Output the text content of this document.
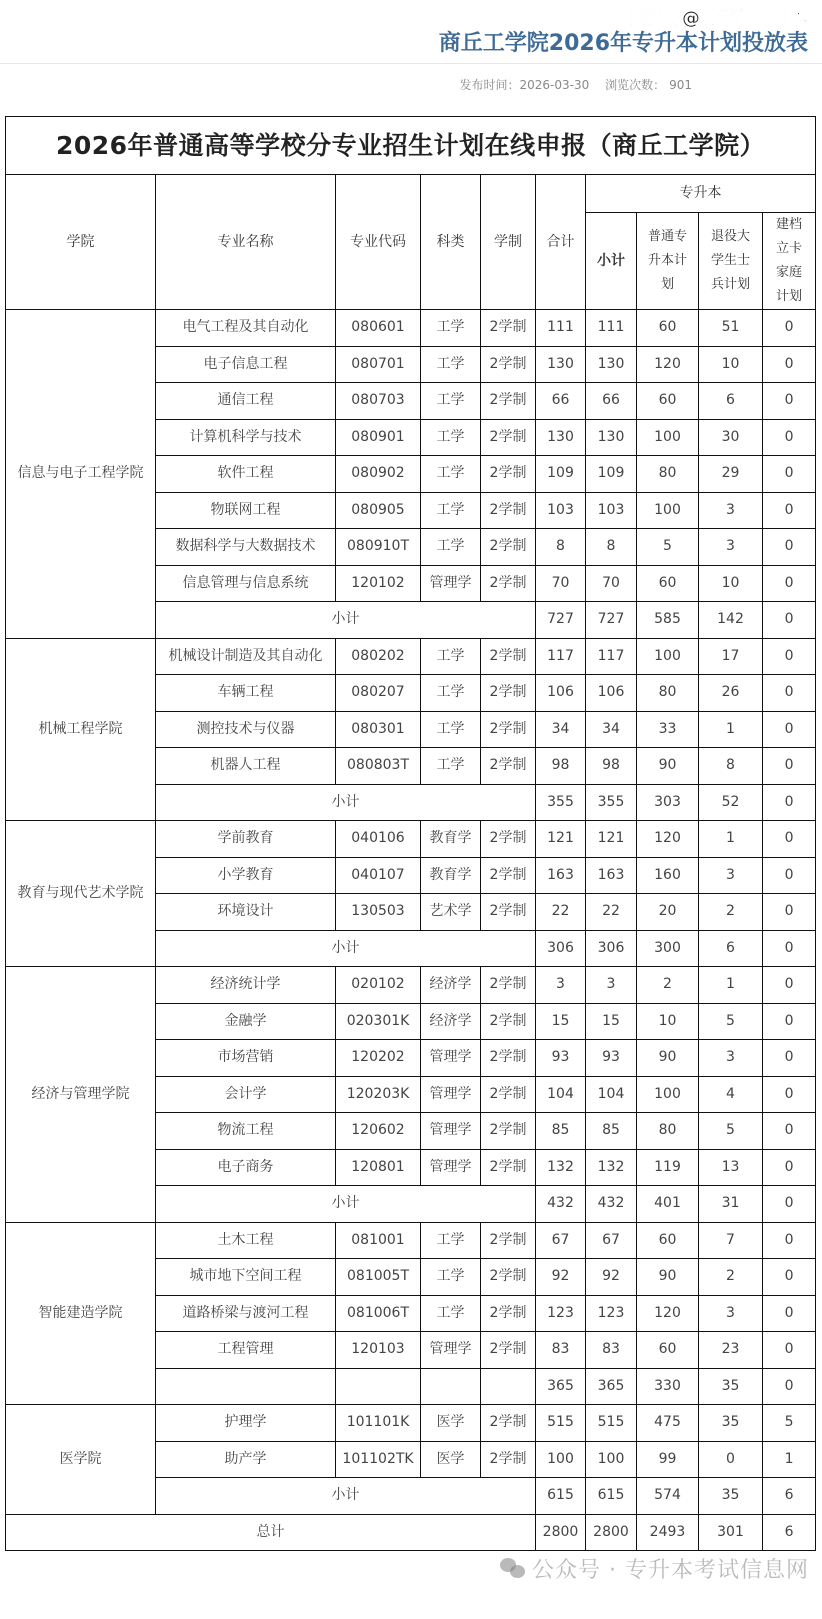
搜狐号@易学仕专升本
商丘工学院2026年专升本计划投放表
发布时间：2026-03-30 浏览次数： 901
2026年普通高等学校分专业招生计划在线申报（商丘工学院）									
学院	专业名称	专业代码	科类	学制	合计	专升本			
						小计	普通专升本计划	退役大学生士兵计划	建档立卡家庭计划
信息与电子工程学院	电气工程及其自动化	080601	工学	2学制	111	111	60	51	0
	电子信息工程	080701	工学	2学制	130	130	120	10	0
	通信工程	080703	工学	2学制	66	66	60	6	0
	计算机科学与技术	080901	工学	2学制	130	130	100	30	0
	软件工程	080902	工学	2学制	109	109	80	29	0
	物联网工程	080905	工学	2学制	103	103	100	3	0
	数据科学与大数据技术	080910T	工学	2学制	8	8	5	3	0
	信息管理与信息系统	120102	管理学	2学制	70	70	60	10	0
	小计				727	727	585	142	0
机械工程学院	机械设计制造及其自动化	080202	工学	2学制	117	117	100	17	0
	车辆工程	080207	工学	2学制	106	106	80	26	0
	测控技术与仪器	080301	工学	2学制	34	34	33	1	0
	机器人工程	080803T	工学	2学制	98	98	90	8	0
	小计				355	355	303	52	0
教育与现代艺术学院	学前教育	040106	教育学	2学制	121	121	120	1	0
	小学教育	040107	教育学	2学制	163	163	160	3	0
	环境设计	130503	艺术学	2学制	22	22	20	2	0
	小计				306	306	300	6	0
经济与管理学院	经济统计学	020102	经济学	2学制	3	3	2	1	0
	金融学	020301K	经济学	2学制	15	15	10	5	0
	市场营销	120202	管理学	2学制	93	93	90	3	0
	会计学	120203K	管理学	2学制	104	104	100	4	0
	物流工程	120602	管理学	2学制	85	85	80	5	0
	电子商务	120801	管理学	2学制	132	132	119	13	0
	小计				432	432	401	31	0
智能建造学院	土木工程	081001	工学	2学制	67	67	60	7	0
	城市地下空间工程	081005T	工学	2学制	92	92	90	2	0
	道路桥梁与渡河工程	081006T	工学	2学制	123	123	120	3	0
	工程管理	120103	管理学	2学制	83	83	60	23	0
					365	365	330	35	0
医学院	护理学	101101K	医学	2学制	515	515	475	35	5
	助产学	101102TK	医学	2学制	100	100	99	0	1
	小计				615	615	574	35	6
总计					2800	2800	2493	301	6
公众号 · 专升本考试信息网
